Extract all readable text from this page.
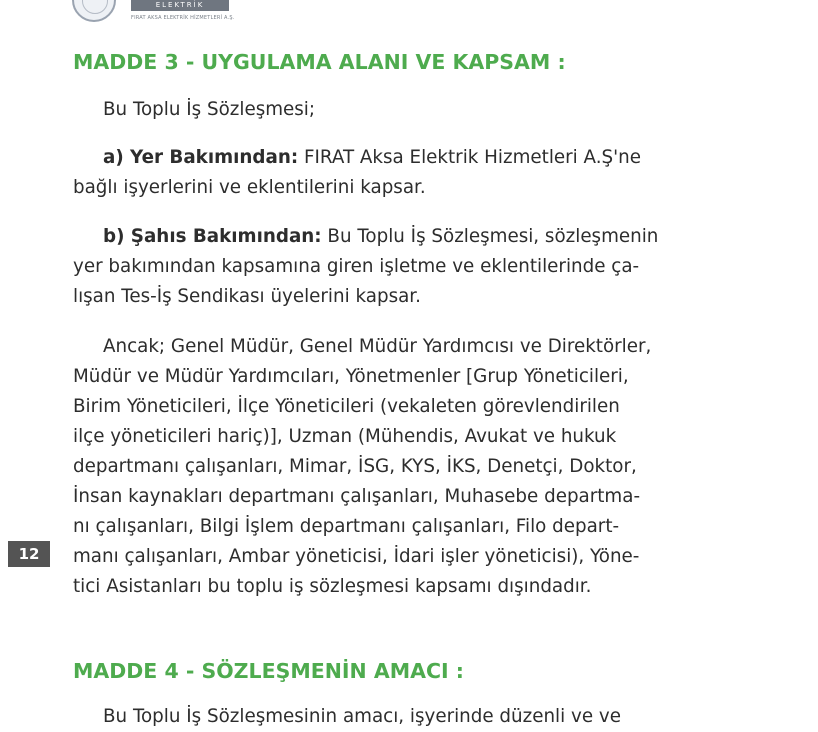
ELEKTRİK
FIRAT AKSA ELEKTRİK HİZMETLERİ A.Ş.
MADDE 3 - UYGULAMA ALANI VE KAPSAM :

Bu Toplu İş Sözleşmesi;

a) Yer Bakımından: FIRAT Aksa Elektrik Hizmetleri A.Ş'ne
bağlı işyerlerini ve eklentilerini kapsar.

b) Şahıs Bakımından: Bu Toplu İş Sözleşmesi, sözleşmenin
yer bakımından kapsamına giren işletme ve eklentilerinde ça-
lışan Tes-İş Sendikası üyelerini kapsar.

Ancak; Genel Müdür, Genel Müdür Yardımcısı ve Direktörler,
Müdür ve Müdür Yardımcıları, Yönetmenler [Grup Yöneticileri,
Birim Yöneticileri, İlçe Yöneticileri (vekaleten görevlendirilen
ilçe yöneticileri hariç)], Uzman (Mühendis, Avukat ve hukuk
departmanı çalışanları, Mimar, İSG, KYS, İKS, Denetçi, Doktor,
İnsan kaynakları departmanı çalışanları, Muhasebe departma-
nı çalışanları, Bilgi İşlem departmanı çalışanları, Filo depart-
manı çalışanları, Ambar yöneticisi, İdari işler yöneticisi), Yöne-
tici Asistanları bu toplu iş sözleşmesi kapsamı dışındadır.

12
MADDE 4 - SÖZLEŞMENİN AMACI :

Bu Toplu İş Sözleşmesinin amacı, işyerinde düzenli ve ve
